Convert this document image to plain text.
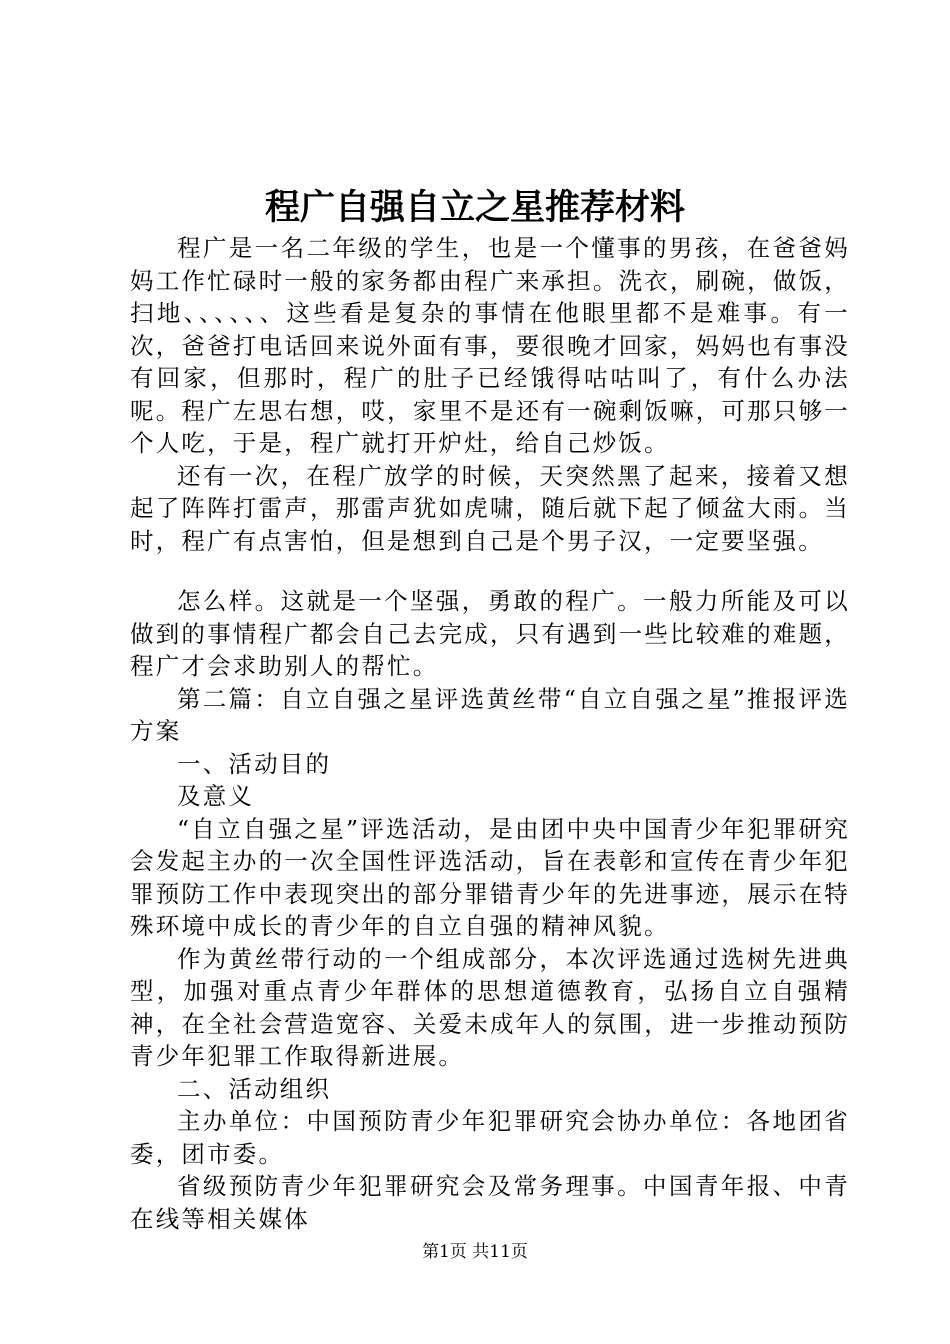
程广自强自立之星推荐材料

程广是一名二年级的学生，也是一个懂事的男孩，在爸爸妈妈工作忙碌时一般的家务都由程广来承担。洗衣，刷碗，做饭，扫地、、、、、、这些看是复杂的事情在他眼里都不是难事。有一次，爸爸打电话回来说外面有事，要很晚才回家，妈妈也有事没有回家，但那时，程广的肚子已经饿得咕咕叫了，有什么办法呢。程广左思右想，哎，家里不是还有一碗剩饭嘛，可那只够一个人吃，于是，程广就打开炉灶，给自己炒饭。

还有一次，在程广放学的时候，天突然黑了起来，接着又想起了阵阵打雷声，那雷声犹如虎啸，随后就下起了倾盆大雨。当时，程广有点害怕，但是想到自己是个男子汉，一定要坚强。

怎么样。这就是一个坚强，勇敢的程广。一般力所能及可以做到的事情程广都会自己去完成，只有遇到一些比较难的难题，程广才会求助别人的帮忙。

第二篇：自立自强之星评选黄丝带“自立自强之星”推报评选方案

一、活动目的

及意义

“自立自强之星”评选活动，是由团中央中国青少年犯罪研究会发起主办的一次全国性评选活动，旨在表彰和宣传在青少年犯罪预防工作中表现突出的部分罪错青少年的先进事迹，展示在特殊环境中成长的青少年的自立自强的精神风貌。

作为黄丝带行动的一个组成部分，本次评选通过选树先进典型，加强对重点青少年群体的思想道德教育，弘扬自立自强精神，在全社会营造宽容、关爱未成年人的氛围，进一步推动预防青少年犯罪工作取得新进展。

二、活动组织

主办单位：中国预防青少年犯罪研究会协办单位：各地团省委，团市委。

省级预防青少年犯罪研究会及常务理事。中国青年报、中青在线等相关媒体

第1页 共11页
